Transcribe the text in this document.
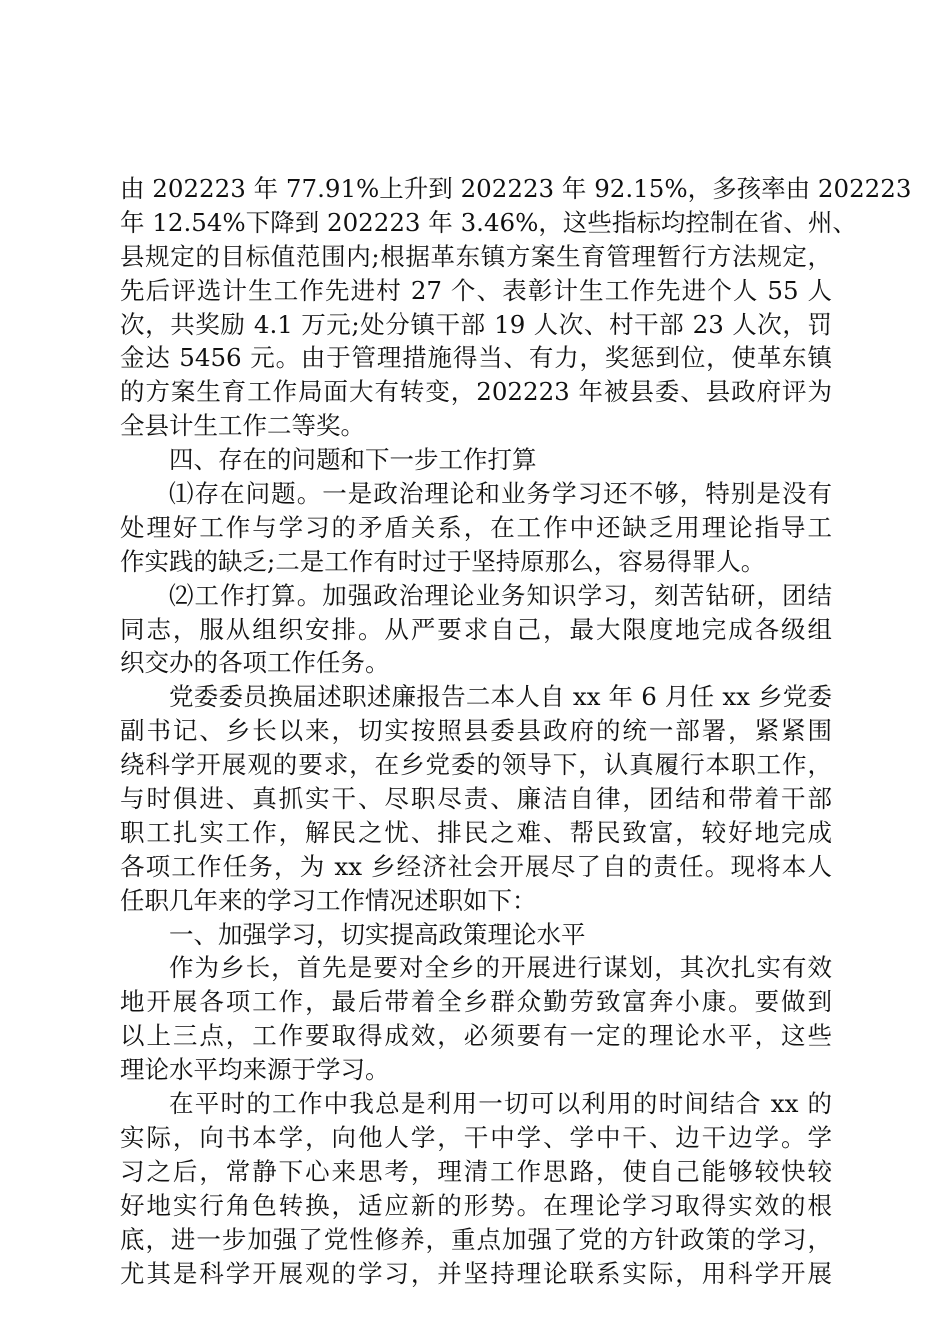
由 202223 年 77.91%上升到 202223 年 92.15%，多孩率由 202223
年 12.54%下降到 202223 年 3.46%，这些指标均控制在省、州、
县规定的目标值范围内;根据革东镇方案生育管理暂行方法规定，
先后评选计生工作先进村 27 个、表彰计生工作先进个人 55 人
次，共奖励 4.1 万元;处分镇干部 19 人次、村干部 23 人次，罚
金达 5456 元。由于管理措施得当、有力，奖惩到位，使革东镇
的方案生育工作局面大有转变，202223 年被县委、县政府评为
全县计生工作二等奖。
四、存在的问题和下一步工作打算
⑴存在问题。一是政治理论和业务学习还不够，特别是没有
处理好工作与学习的矛盾关系，在工作中还缺乏用理论指导工
作实践的缺乏;二是工作有时过于坚持原那么，容易得罪人。
⑵工作打算。加强政治理论业务知识学习，刻苦钻研，团结
同志，服从组织安排。从严要求自己，最大限度地完成各级组
织交办的各项工作任务。
党委委员换届述职述廉报告二本人自 xx 年 6 月任 xx 乡党委
副书记、乡长以来，切实按照县委县政府的统一部署，紧紧围
绕科学开展观的要求，在乡党委的领导下，认真履行本职工作，
与时俱进、真抓实干、尽职尽责、廉洁自律，团结和带着干部
职工扎实工作，解民之忧、排民之难、帮民致富，较好地完成
各项工作任务，为 xx 乡经济社会开展尽了自的责任。现将本人
任职几年来的学习工作情况述职如下：
一、加强学习，切实提高政策理论水平
作为乡长，首先是要对全乡的开展进行谋划，其次扎实有效
地开展各项工作，最后带着全乡群众勤劳致富奔小康。要做到
以上三点，工作要取得成效，必须要有一定的理论水平，这些
理论水平均来源于学习。
在平时的工作中我总是利用一切可以利用的时间结合 xx 的
实际，向书本学，向他人学，干中学、学中干、边干边学。学
习之后，常静下心来思考，理清工作思路，使自己能够较快较
好地实行角色转换，适应新的形势。在理论学习取得实效的根
底，进一步加强了党性修养，重点加强了党的方针政策的学习，
尤其是科学开展观的学习，并坚持理论联系实际，用科学开展
